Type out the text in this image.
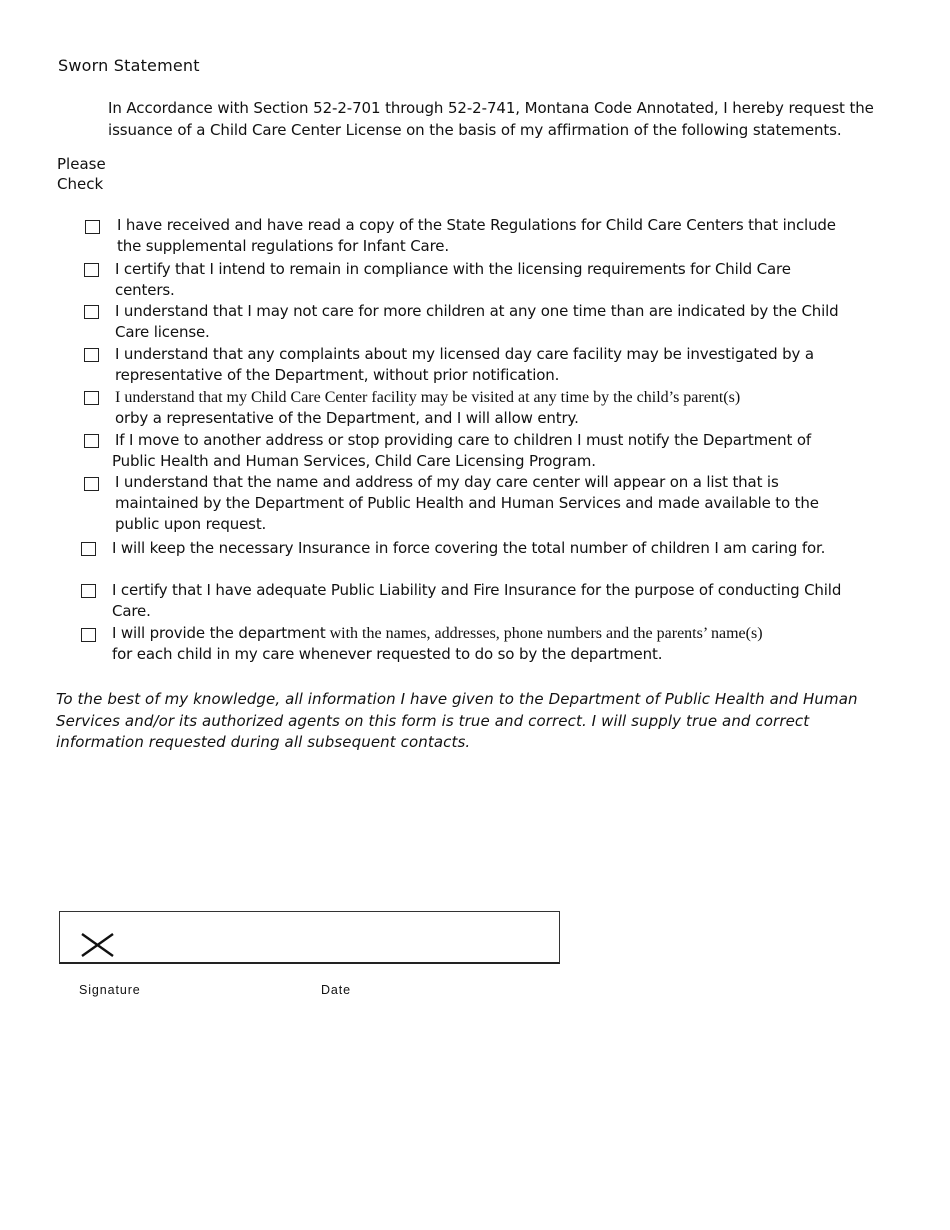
Sworn Statement
In Accordance with Section 52-2-701 through 52-2-741, Montana Code Annotated, I hereby request the issuance of a Child Care Center License on the basis of my affirmation of the following statements.
Please
Check
I have received and have read a copy of the State Regulations for Child Care Centers that include
the supplemental regulations for Infant Care.
I certify that I intend to remain in compliance with the licensing requirements for Child Care
centers.
I understand that I may not care for more children at any one time than are indicated by the Child
Care license.
I understand that any complaints about my licensed day care facility may be investigated by a
representative of the Department, without prior notification.
I understand that my Child Care Center facility may be visited at any time by the child’s parent(s)
orby a representative of the Department, and I will allow entry.
If I move to another address or stop providing care to children I must notify the Department of
Public Health and Human Services, Child Care Licensing Program.
I understand that the name and address of my day care center will appear on a list that is
maintained by the Department of Public Health and Human Services and made available to the
public upon request.
I will keep the necessary Insurance in force covering the total number of children I am caring for.
I certify that I have adequate Public Liability and Fire Insurance for the purpose of conducting Child
Care.
I will provide the department with the names, addresses, phone numbers and the parents’ name(s)
for each child in my care whenever requested to do so by the department.
To the best of my knowledge, all information I have given to the Department of Public Health and Human Services and/or its authorized agents on this form is true and correct. I will supply true and correct information requested during all subsequent contacts.
Signature	Date
